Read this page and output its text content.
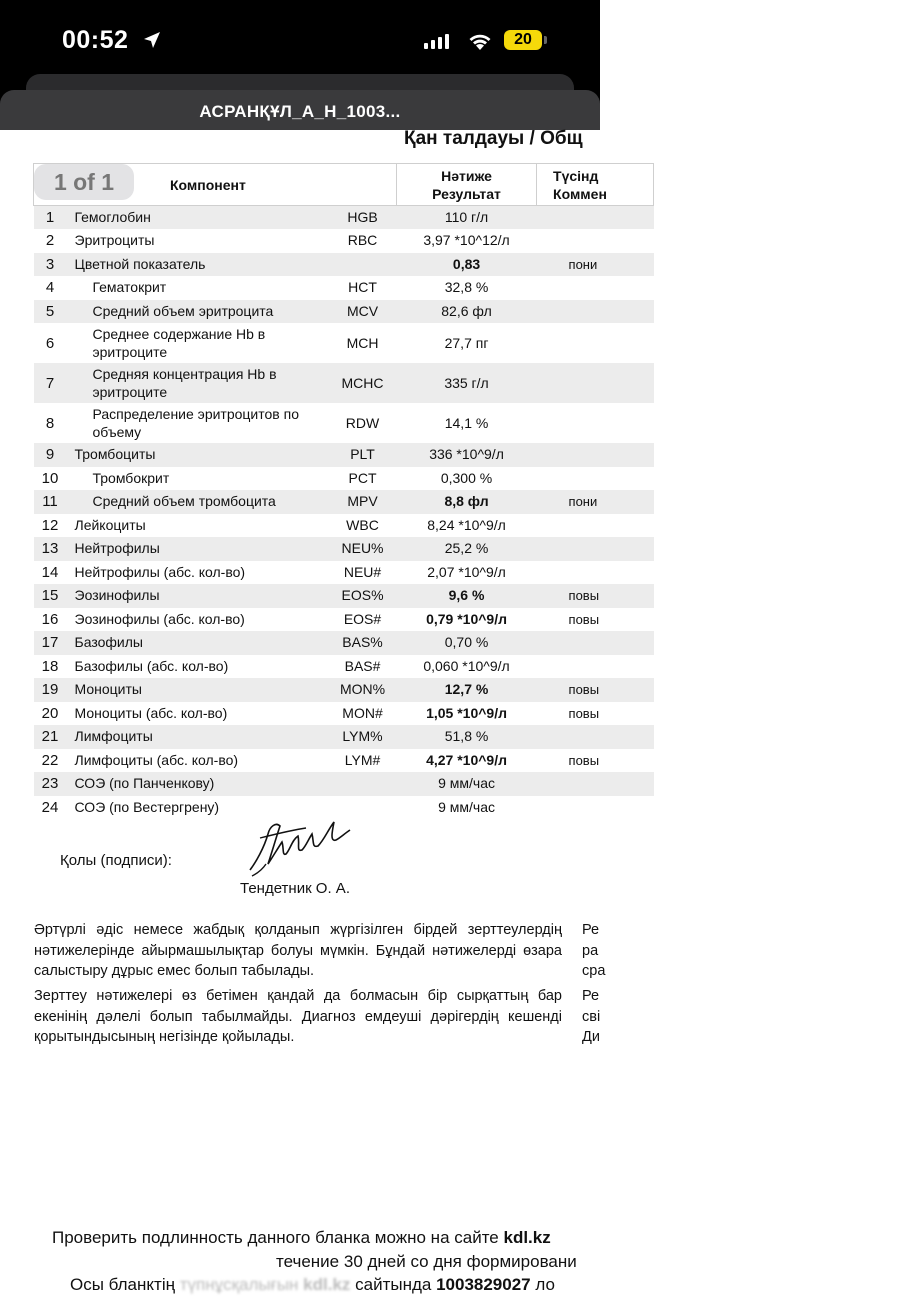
00:52	20
АСРАНҚҰЛ_А_Н_1003...
Қан талдауы / Общ
1 of 1	Компонент			Нәтиже
Результат	Түсінд
Коммен
1	Гемоглобин	HGB	110 г/л	
2	Эритроциты	RBC	3,97 *10^12/л	
3	Цветной показатель		0,83	пони
4	Гематокрит	HCT	32,8 %	
5	Средний объем эритроцита	MCV	82,6 фл	
6	Среднее содержание Hb в эритроците	MCH	27,7 пг	
7	Средняя концентрация Hb в эритроците	MCHC	335 г/л	
8	Распределение эритроцитов по объему	RDW	14,1 %	
9	Тромбоциты	PLT	336 *10^9/л	
10	Тромбокрит	PCT	0,300 %	
11	Средний объем тромбоцита	MPV	8,8 фл	пони
12	Лейкоциты	WBC	8,24 *10^9/л	
13	Нейтрофилы	NEU%	25,2 %	
14	Нейтрофилы (абс. кол-во)	NEU#	2,07 *10^9/л	
15	Эозинофилы	EOS%	9,6 %	повы
16	Эозинофилы (абс. кол-во)	EOS#	0,79 *10^9/л	повы
17	Базофилы	BAS%	0,70 %	
18	Базофилы (абс. кол-во)	BAS#	0,060 *10^9/л	
19	Моноциты	MON%	12,7 %	повы
20	Моноциты (абс. кол-во)	MON#	1,05 *10^9/л	повы
21	Лимфоциты	LYM%	51,8 %	
22	Лимфоциты (абс. кол-во)	LYM#	4,27 *10^9/л	повы
23	СОЭ (по Панченкову)		9 мм/час	
24	СОЭ (по Вестергрену)		9 мм/час	
Қолы (подписи):
Тендетник О. А.
Әртүрлі әдіс немесе жабдық қолданып жүргізілген бірдей зерттеулердің нәтижелерінде айырмашылықтар болуы мүмкін. Бұндай нәтижелерді өзара салыстыру дұрыс емес болып табылады.
Зерттеу нәтижелері өз бетімен қандай да болмасын бір сырқаттың бар екенінің дәлелі болып табылмайды. Диагноз емдеуші дәрігердің кешенді қорытындысының негізінде қойылады.
Ре
ра
сра
Ре
сві
Ди
Проверить подлинность данного бланка можно на сайте kdl.kz
течение 30 дней со дня формировани
Осы бланктің түпнұсқалығын kdl.kz сайтында 1003829027 ло
